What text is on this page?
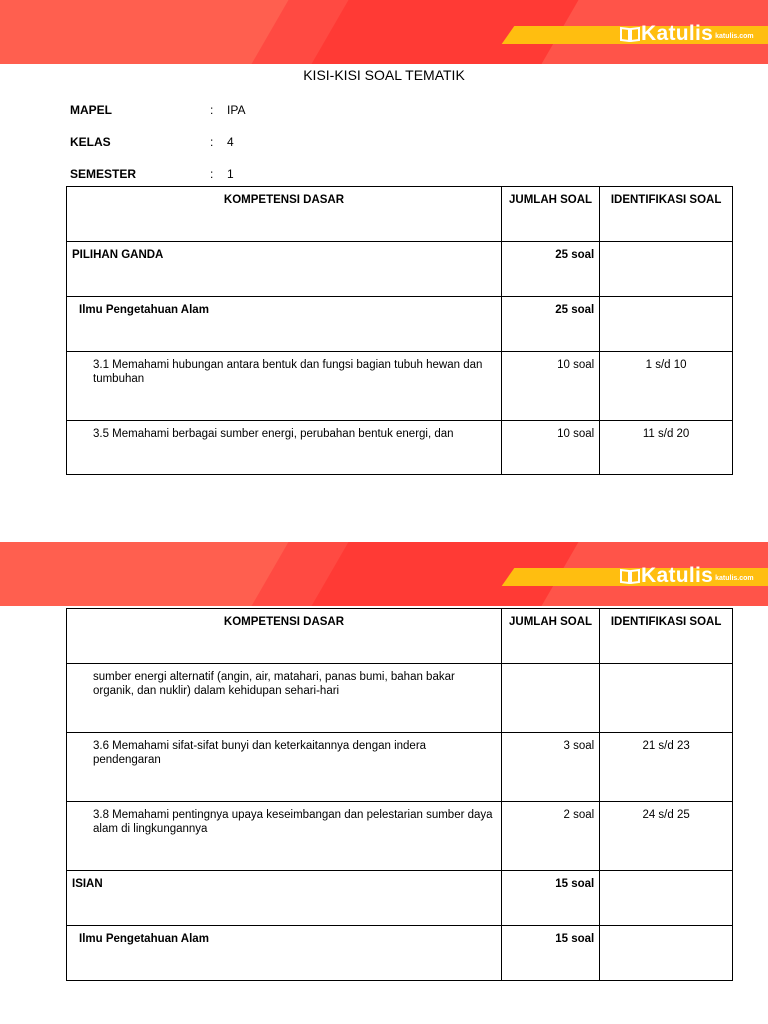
Katulis katulis.com
KISI-KISI SOAL TEMATIK
MAPEL	: IPA
KELAS	: 4
SEMESTER	: 1
KOMPETENSI DASAR	JUMLAH SOAL	IDENTIFIKASI SOAL
PILIHAN GANDA	25 soal	
Ilmu Pengetahuan Alam	25 soal	
3.1 Memahami hubungan antara bentuk dan fungsi bagian tubuh hewan dan tumbuhan	10 soal	1 s/d 10
3.5 Memahami berbagai sumber energi, perubahan bentuk energi, dan	10 soal	11 s/d 20
Katulis katulis.com
KOMPETENSI DASAR	JUMLAH SOAL	IDENTIFIKASI SOAL
sumber energi alternatif (angin, air, matahari, panas bumi, bahan bakar organik, dan nuklir) dalam kehidupan sehari-hari		
3.6 Memahami sifat-sifat bunyi dan keterkaitannya dengan indera pendengaran	3 soal	21 s/d 23
3.8 Memahami pentingnya upaya keseimbangan dan pelestarian sumber daya alam di lingkungannya	2 soal	24 s/d 25
ISIAN	15 soal	
Ilmu Pengetahuan Alam	15 soal	
